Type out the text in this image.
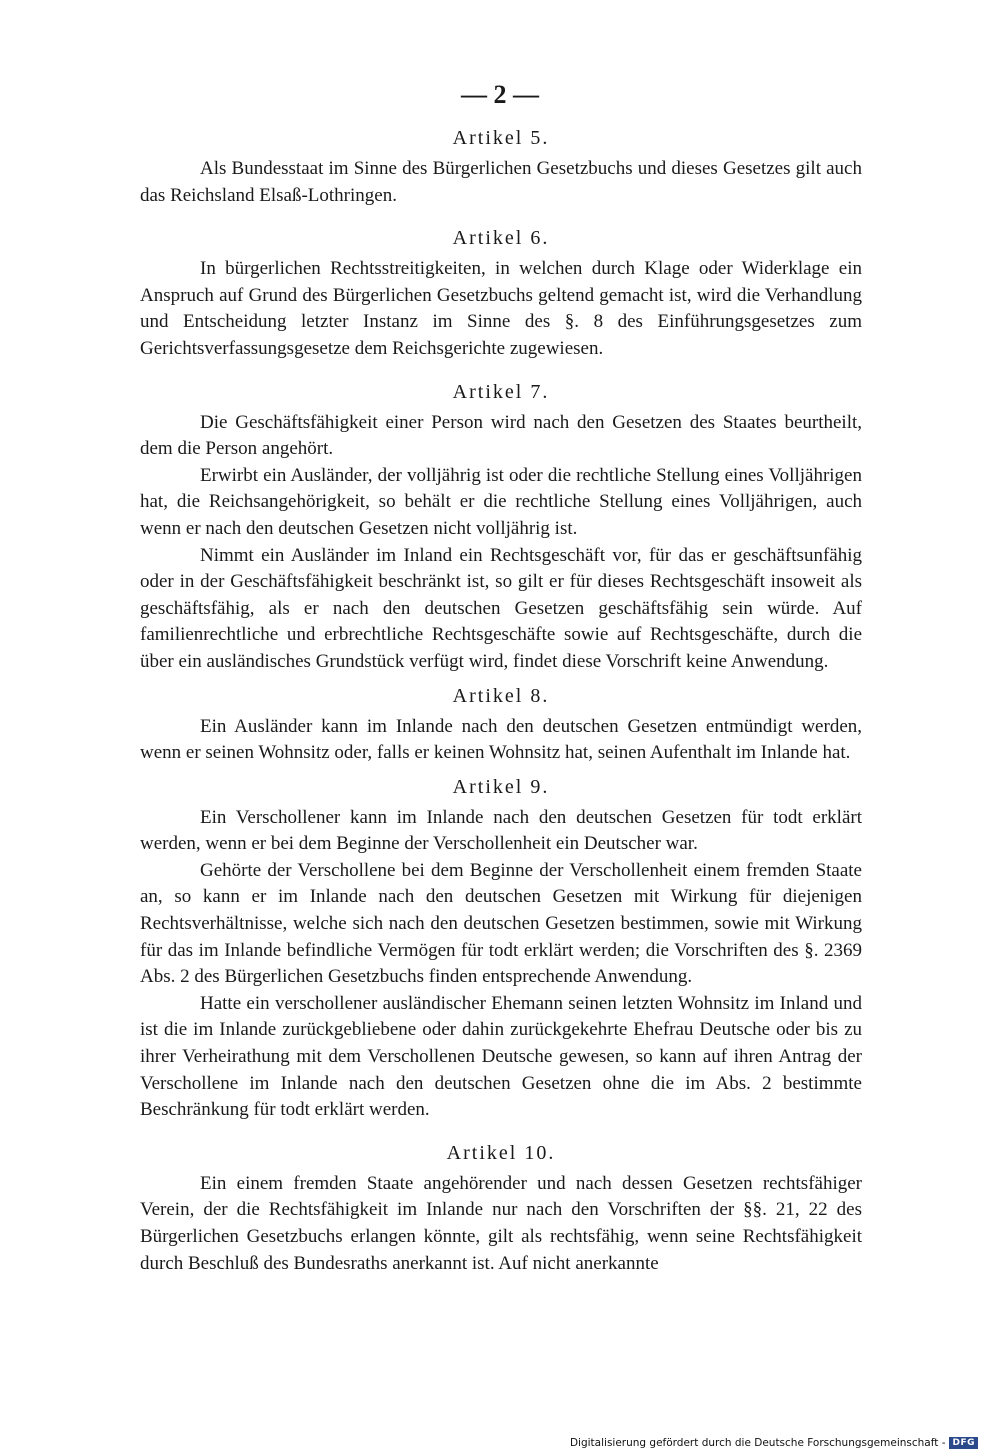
— 2 —
Artikel 5.

Als Bundesstaat im Sinne des Bürgerlichen Gesetzbuchs und dieses Gesetzes gilt auch das Reichsland Elsaß-Lothringen.

Artikel 6.

In bürgerlichen Rechtsstreitigkeiten, in welchen durch Klage oder Widerklage ein Anspruch auf Grund des Bürgerlichen Gesetzbuchs geltend gemacht ist, wird die Verhandlung und Entscheidung letzter Instanz im Sinne des §. 8 des Einführungsgesetzes zum Gerichtsverfassungsgesetze dem Reichsgerichte zugewiesen.

Artikel 7.

Die Geschäftsfähigkeit einer Person wird nach den Gesetzen des Staates beurtheilt, dem die Person angehört.

Erwirbt ein Ausländer, der volljährig ist oder die rechtliche Stellung eines Volljährigen hat, die Reichsangehörigkeit, so behält er die rechtliche Stellung eines Volljährigen, auch wenn er nach den deutschen Gesetzen nicht volljährig ist.

Nimmt ein Ausländer im Inland ein Rechtsgeschäft vor, für das er geschäftsunfähig oder in der Geschäftsfähigkeit beschränkt ist, so gilt er für dieses Rechtsgeschäft insoweit als geschäftsfähig, als er nach den deutschen Gesetzen geschäftsfähig sein würde. Auf familienrechtliche und erbrechtliche Rechtsgeschäfte sowie auf Rechtsgeschäfte, durch die über ein ausländisches Grundstück verfügt wird, findet diese Vorschrift keine Anwendung.

Artikel 8.

Ein Ausländer kann im Inlande nach den deutschen Gesetzen entmündigt werden, wenn er seinen Wohnsitz oder, falls er keinen Wohnsitz hat, seinen Aufenthalt im Inlande hat.

Artikel 9.

Ein Verschollener kann im Inlande nach den deutschen Gesetzen für todt erklärt werden, wenn er bei dem Beginne der Verschollenheit ein Deutscher war.

Gehörte der Verschollene bei dem Beginne der Verschollenheit einem fremden Staate an, so kann er im Inlande nach den deutschen Gesetzen mit Wirkung für diejenigen Rechtsverhältnisse, welche sich nach den deutschen Gesetzen bestimmen, sowie mit Wirkung für das im Inlande befindliche Vermögen für todt erklärt werden; die Vorschriften des §. 2369 Abs. 2 des Bürgerlichen Gesetzbuchs finden entsprechende Anwendung.

Hatte ein verschollener ausländischer Ehemann seinen letzten Wohnsitz im Inland und ist die im Inlande zurückgebliebene oder dahin zurückgekehrte Ehefrau Deutsche oder bis zu ihrer Verheirathung mit dem Verschollenen Deutsche gewesen, so kann auf ihren Antrag der Verschollene im Inlande nach den deutschen Gesetzen ohne die im Abs. 2 bestimmte Beschränkung für todt erklärt werden.

Artikel 10.

Ein einem fremden Staate angehörender und nach dessen Gesetzen rechtsfähiger Verein, der die Rechtsfähigkeit im Inlande nur nach den Vorschriften der §§. 21, 22 des Bürgerlichen Gesetzbuchs erlangen könnte, gilt als rechtsfähig, wenn seine Rechtsfähigkeit durch Beschluß des Bundesraths anerkannt ist. Auf nicht anerkannte

Digitalisierung gefördert durch die Deutsche Forschungsgemeinschaft - DFG
